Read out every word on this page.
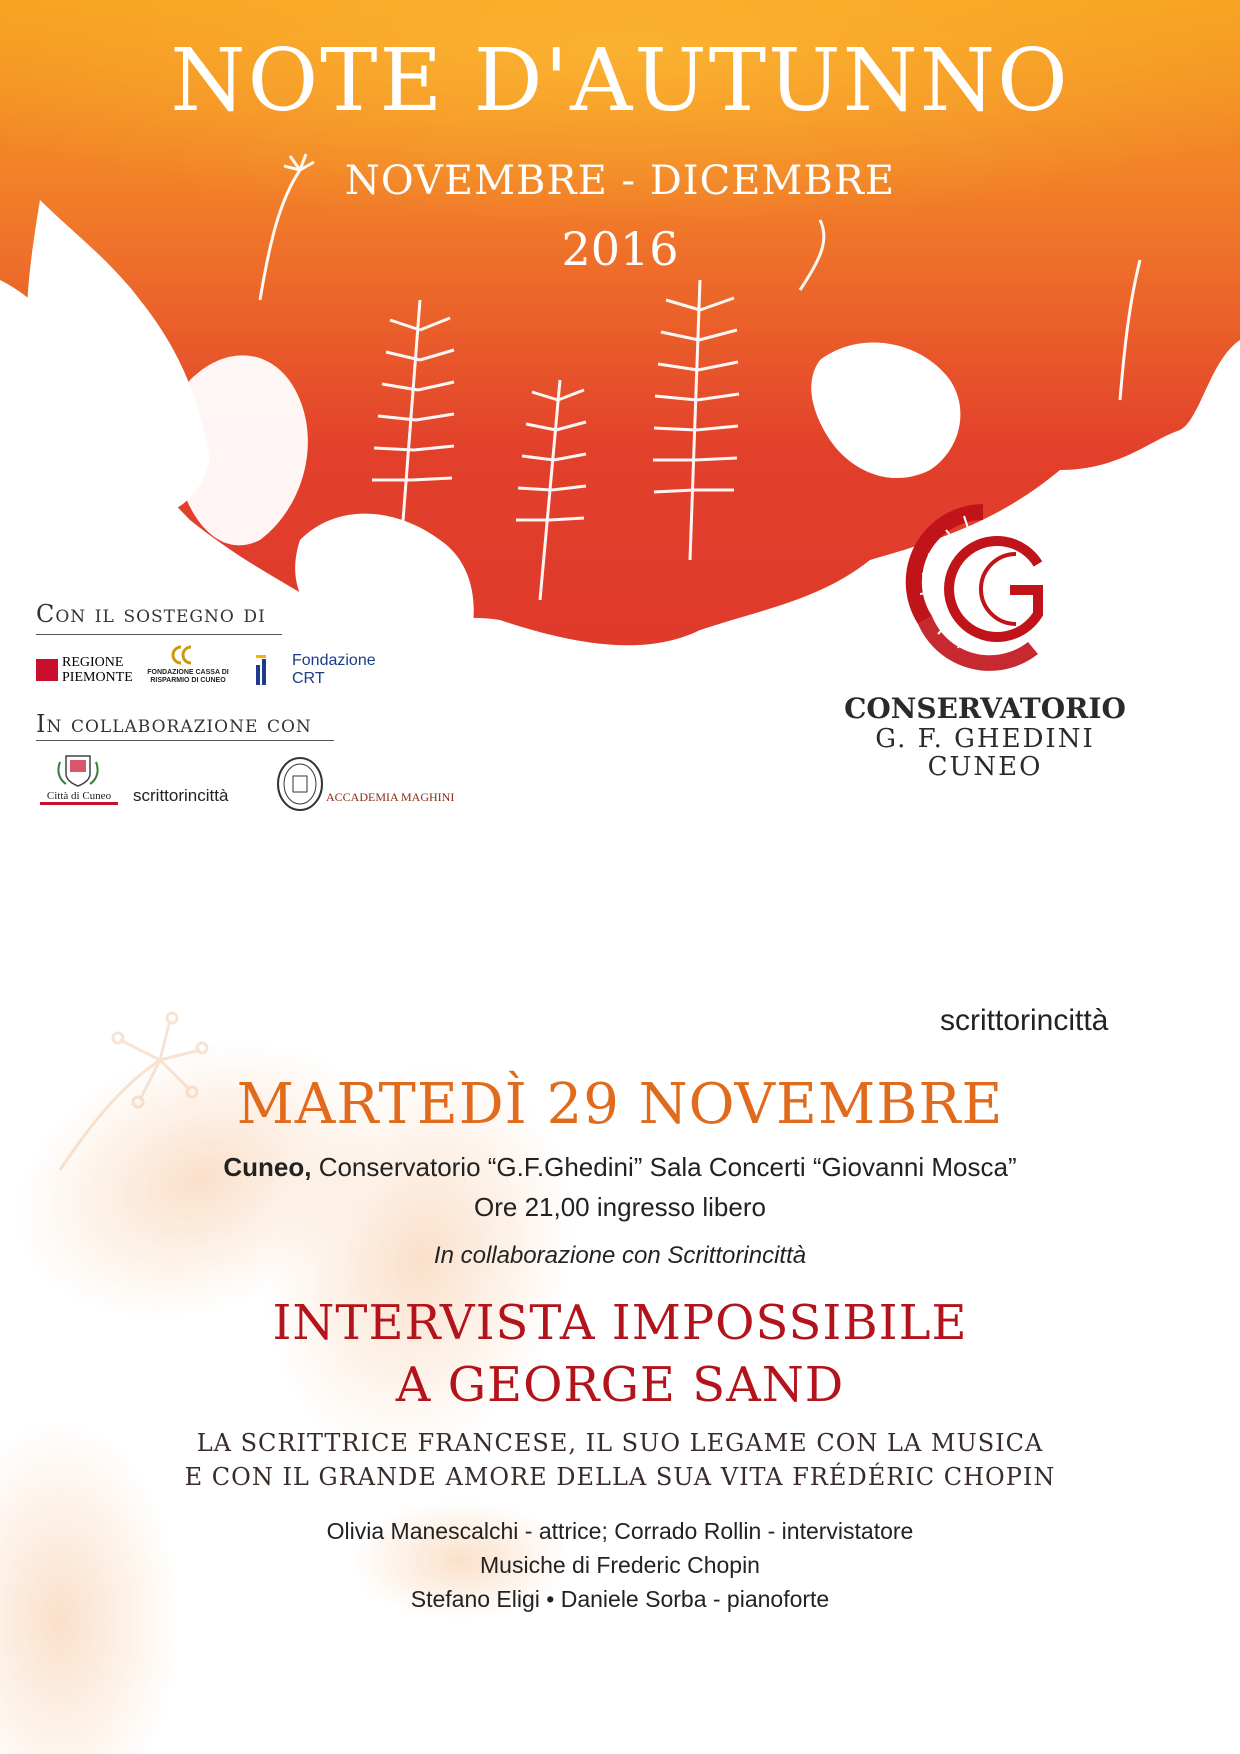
NOTE D'AUTUNNO
NOVEMBRE - DICEMBRE
2016
Con il sostegno di
REGIONE
PIEMONTE FONDAZIONE CASSA DI RISPARMIO DI CUNEO
Fondazione
CRT
In collaborazione con
Città di Cuneo	scrittorincittà	ACCADEMIA MAGHINI
CONSERVATORIO
G. F. GHEDINI
CUNEO
scrittorincittà
MARTEDÌ 29 NOVEMBRE
Cuneo, Conservatorio “G.F.Ghedini” Sala Concerti “Giovanni Mosca”
Ore 21,00 ingresso libero
In collaborazione con Scrittorincittà
INTERVISTA IMPOSSIBILE
A GEORGE SAND
LA SCRITTRICE FRANCESE, IL SUO LEGAME CON LA MUSICA
E CON IL GRANDE AMORE DELLA SUA VITA FRÉDÉRIC CHOPIN
Olivia Manescalchi - attrice; Corrado Rollin - intervistatore
Musiche di Frederic Chopin
Stefano Eligi • Daniele Sorba - pianoforte
